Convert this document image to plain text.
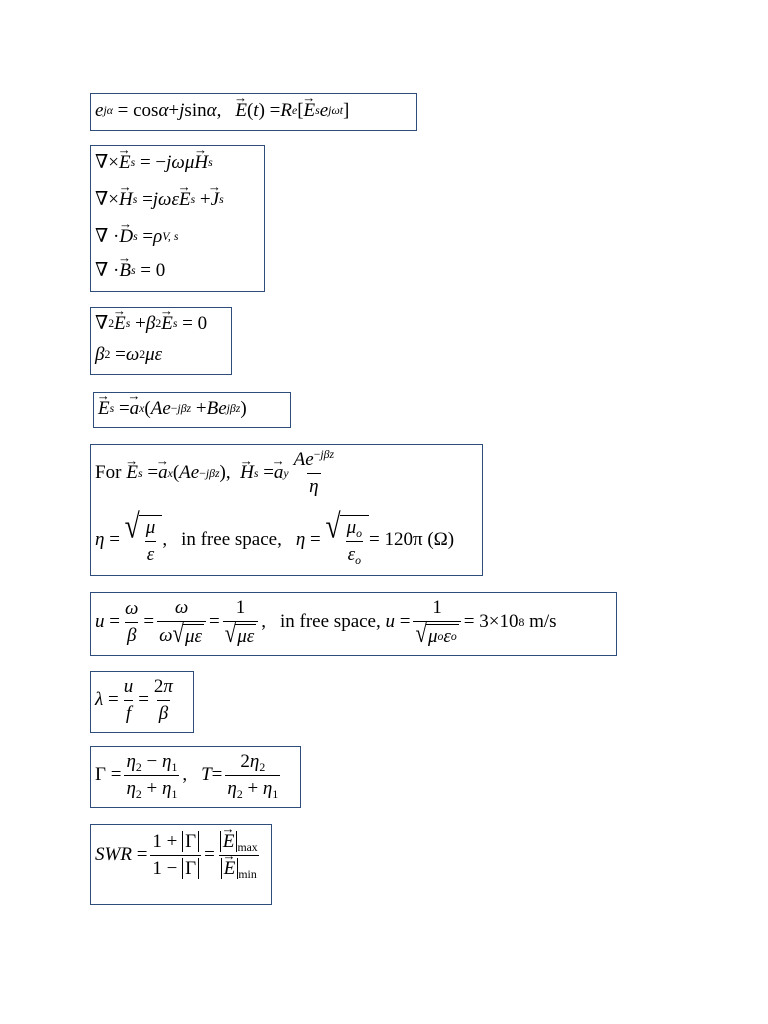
e jα = cos α + j sin α , → E ( t ) = R e [ → E s e jωt ]
∇× → E s = − jωμ → H s
∇× → H s = jωε → E s + → J s
∇ · → D s = ρ V, s
∇ · → B s = 0
∇ 2 → E s + β 2 → E s = 0
β 2 = ω 2 με
→ E s = → a x ( Ae −jβz + Be jβz )
For → E s = → a x ( Ae −jβz ), → H s = → a y $\frac{Ae^{-j\beta z}}{\eta}$
η = √ $\frac{\mu}{\varepsilon}$ , in free space, η = √ $\frac{\mu_o}{\varepsilon_o} = 120\pi$ (Ω)
$u = \frac{\omega}{\beta} = \frac{\omega}{\omega √ \mu\varepsilon} = \frac{1}{√ \mu\varepsilon}$ , in free space,
$u = \frac{1}{\text{√ μ o ε o}} = 3\times 10$ 8
m/s
$\lambda = \frac{u}{f} = \frac{2\pi}{\beta}$
$\Gamma = \frac{\eta_2 - \eta_1}{\eta_2 + \eta_1}$ , $T = \frac{2\eta_2}{\eta_2 + \eta_1}$
SWR = $\frac{1 + \Gamma}{1 - \Gamma}$ = → E $_{max}$
→ E $_{min}$
